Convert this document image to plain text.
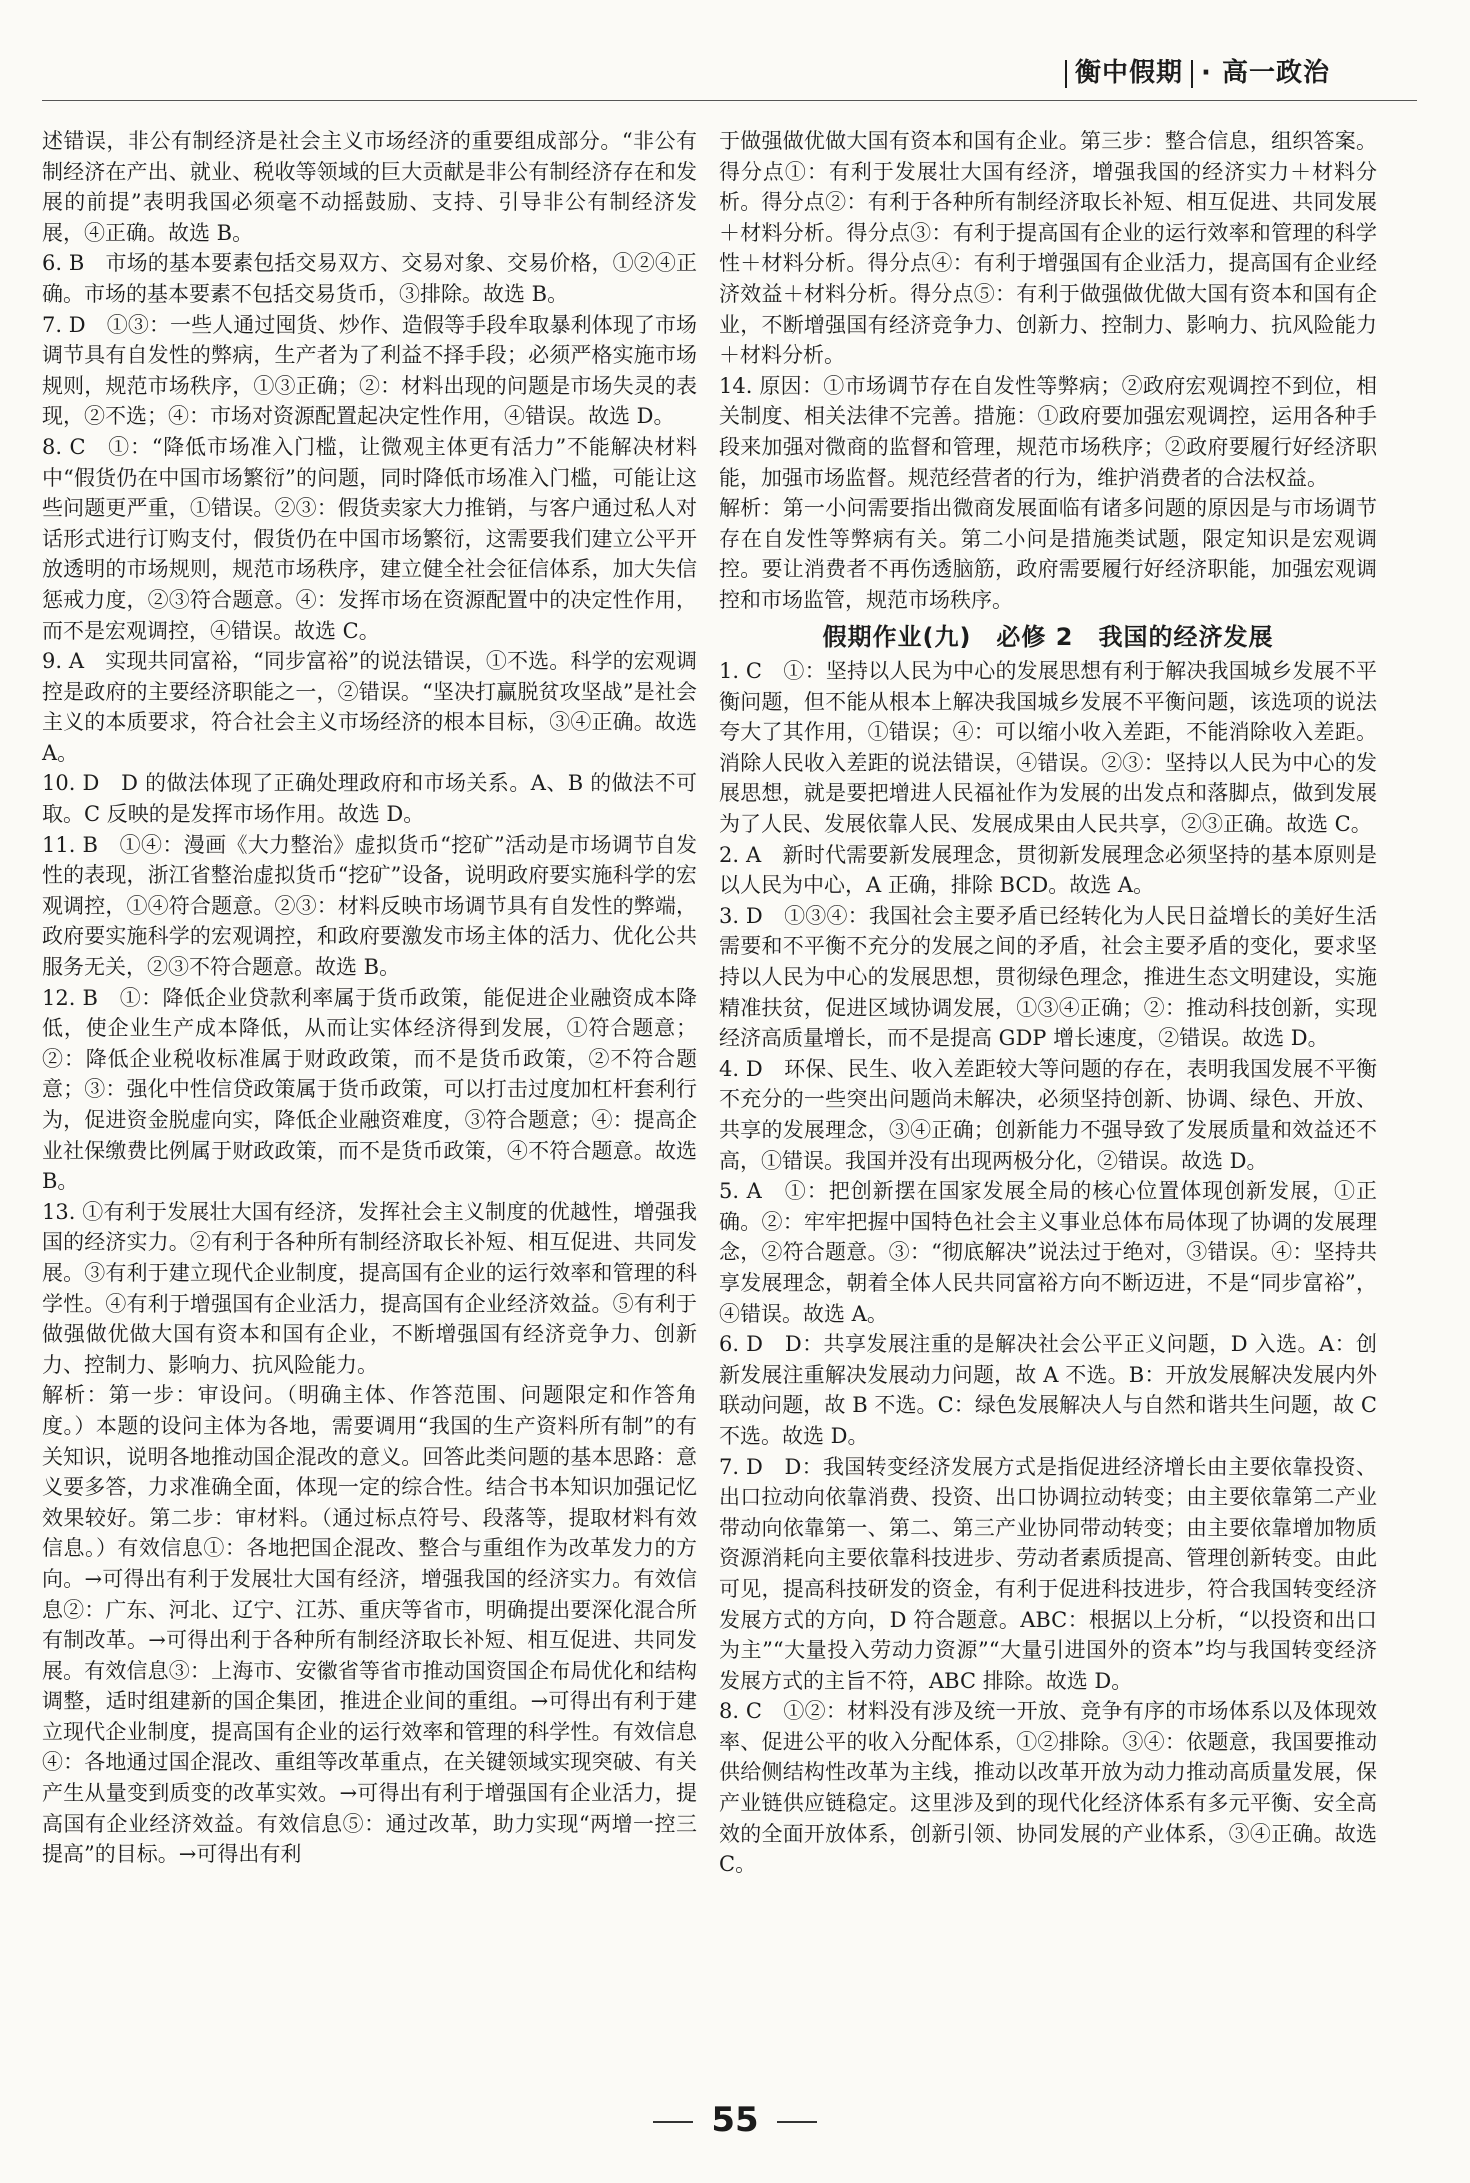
衡中假期 · 高一政治

述错误，非公有制经济是社会主义市场经济的重要组成部分。“非公有制经济在产出、就业、税收等领域的巨大贡献是非公有制经济存在和发展的前提”表明我国必须毫不动摇鼓励、支持、引导非公有制经济发展，④正确。故选 B。

6. B　市场的基本要素包括交易双方、交易对象、交易价格，①②④正确。市场的基本要素不包括交易货币，③排除。故选 B。

7. D　①③：一些人通过囤货、炒作、造假等手段牟取暴利体现了市场调节具有自发性的弊病，生产者为了利益不择手段；必须严格实施市场规则，规范市场秩序，①③正确；②：材料出现的问题是市场失灵的表现，②不选；④：市场对资源配置起决定性作用，④错误。故选 D。

8. C　①：“降低市场准入门槛，让微观主体更有活力”不能解决材料中“假货仍在中国市场繁衍”的问题，同时降低市场准入门槛，可能让这些问题更严重，①错误。②③：假货卖家大力推销，与客户通过私人对话形式进行订购支付，假货仍在中国市场繁衍，这需要我们建立公平开放透明的市场规则，规范市场秩序，建立健全社会征信体系，加大失信惩戒力度，②③符合题意。④：发挥市场在资源配置中的决定性作用，而不是宏观调控，④错误。故选 C。

9. A　实现共同富裕，“同步富裕”的说法错误，①不选。科学的宏观调控是政府的主要经济职能之一，②错误。“坚决打赢脱贫攻坚战”是社会主义的本质要求，符合社会主义市场经济的根本目标，③④正确。故选 A。

10. D　D 的做法体现了正确处理政府和市场关系。A、B 的做法不可取。C 反映的是发挥市场作用。故选 D。

11. B　①④：漫画《大力整治》虚拟货币“挖矿”活动是市场调节自发性的表现，浙江省整治虚拟货币“挖矿”设备，说明政府要实施科学的宏观调控，①④符合题意。②③：材料反映市场调节具有自发性的弊端，政府要实施科学的宏观调控，和政府要激发市场主体的活力、优化公共服务无关，②③不符合题意。故选 B。

12. B　①：降低企业贷款利率属于货币政策，能促进企业融资成本降低，使企业生产成本降低，从而让实体经济得到发展，①符合题意；②：降低企业税收标准属于财政政策，而不是货币政策，②不符合题意；③：强化中性信贷政策属于货币政策，可以打击过度加杠杆套利行为，促进资金脱虚向实，降低企业融资难度，③符合题意；④：提高企业社保缴费比例属于财政政策，而不是货币政策，④不符合题意。故选 B。

13. ①有利于发展壮大国有经济，发挥社会主义制度的优越性，增强我国的经济实力。②有利于各种所有制经济取长补短、相互促进、共同发展。③有利于建立现代企业制度，提高国有企业的运行效率和管理的科学性。④有利于增强国有企业活力，提高国有企业经济效益。⑤有利于做强做优做大国有资本和国有企业，不断增强国有经济竞争力、创新力、控制力、影响力、抗风险能力。

解析：第一步：审设问。（明确主体、作答范围、问题限定和作答角度。）本题的设问主体为各地，需要调用“我国的生产资料所有制”的有关知识，说明各地推动国企混改的意义。回答此类问题的基本思路：意义要多答，力求准确全面，体现一定的综合性。结合书本知识加强记忆效果较好。第二步：审材料。（通过标点符号、段落等，提取材料有效信息。）有效信息①：各地把国企混改、整合与重组作为改革发力的方向。→可得出有利于发展壮大国有经济，增强我国的经济实力。有效信息②：广东、河北、辽宁、江苏、重庆等省市，明确提出要深化混合所有制改革。→可得出利于各种所有制经济取长补短、相互促进、共同发展。有效信息③：上海市、安徽省等省市推动国资国企布局优化和结构调整，适时组建新的国企集团，推进企业间的重组。→可得出有利于建立现代企业制度，提高国有企业的运行效率和管理的科学性。有效信息④：各地通过国企混改、重组等改革重点，在关键领域实现突破、有关产生从量变到质变的改革实效。→可得出有利于增强国有企业活力，提高国有企业经济效益。有效信息⑤：通过改革，助力实现“两增一控三提高”的目标。→可得出有利

于做强做优做大国有资本和国有企业。第三步：整合信息，组织答案。得分点①：有利于发展壮大国有经济，增强我国的经济实力＋材料分析。得分点②：有利于各种所有制经济取长补短、相互促进、共同发展＋材料分析。得分点③：有利于提高国有企业的运行效率和管理的科学性＋材料分析。得分点④：有利于增强国有企业活力，提高国有企业经济效益＋材料分析。得分点⑤：有利于做强做优做大国有资本和国有企业，不断增强国有经济竞争力、创新力、控制力、影响力、抗风险能力＋材料分析。

14. 原因：①市场调节存在自发性等弊病；②政府宏观调控不到位，相关制度、相关法律不完善。措施：①政府要加强宏观调控，运用各种手段来加强对微商的监督和管理，规范市场秩序；②政府要履行好经济职能，加强市场监督。规范经营者的行为，维护消费者的合法权益。

解析：第一小问需要指出微商发展面临有诸多问题的原因是与市场调节存在自发性等弊病有关。第二小问是措施类试题，限定知识是宏观调控。要让消费者不再伤透脑筋，政府需要履行好经济职能，加强宏观调控和市场监管，规范市场秩序。

假期作业(九)　必修 2　我国的经济发展

1. C　①：坚持以人民为中心的发展思想有利于解决我国城乡发展不平衡问题，但不能从根本上解决我国城乡发展不平衡问题，该选项的说法夸大了其作用，①错误；④：可以缩小收入差距，不能消除收入差距。消除人民收入差距的说法错误，④错误。②③：坚持以人民为中心的发展思想，就是要把增进人民福祉作为发展的出发点和落脚点，做到发展为了人民、发展依靠人民、发展成果由人民共享，②③正确。故选 C。

2. A　新时代需要新发展理念，贯彻新发展理念必须坚持的基本原则是以人民为中心，A 正确，排除 BCD。故选 A。

3. D　①③④：我国社会主要矛盾已经转化为人民日益增长的美好生活需要和不平衡不充分的发展之间的矛盾，社会主要矛盾的变化，要求坚持以人民为中心的发展思想，贯彻绿色理念，推进生态文明建设，实施精准扶贫，促进区域协调发展，①③④正确；②：推动科技创新，实现经济高质量增长，而不是提高 GDP 增长速度，②错误。故选 D。

4. D　环保、民生、收入差距较大等问题的存在，表明我国发展不平衡不充分的一些突出问题尚未解决，必须坚持创新、协调、绿色、开放、共享的发展理念，③④正确；创新能力不强导致了发展质量和效益还不高，①错误。我国并没有出现两极分化，②错误。故选 D。

5. A　①：把创新摆在国家发展全局的核心位置体现创新发展，①正确。②：牢牢把握中国特色社会主义事业总体布局体现了协调的发展理念，②符合题意。③：“彻底解决”说法过于绝对，③错误。④：坚持共享发展理念，朝着全体人民共同富裕方向不断迈进，不是“同步富裕”，④错误。故选 A。

6. D　D：共享发展注重的是解决社会公平正义问题，D 入选。A：创新发展注重解决发展动力问题，故 A 不选。B：开放发展解决发展内外联动问题，故 B 不选。C：绿色发展解决人与自然和谐共生问题，故 C 不选。故选 D。

7. D　D：我国转变经济发展方式是指促进经济增长由主要依靠投资、出口拉动向依靠消费、投资、出口协调拉动转变；由主要依靠第二产业带动向依靠第一、第二、第三产业协同带动转变；由主要依靠增加物质资源消耗向主要依靠科技进步、劳动者素质提高、管理创新转变。由此可见，提高科技研发的资金，有利于促进科技进步，符合我国转变经济发展方式的方向，D 符合题意。ABC：根据以上分析，“以投资和出口为主”“大量投入劳动力资源”“大量引进国外的资本”均与我国转变经济发展方式的主旨不符，ABC 排除。故选 D。

8. C　①②：材料没有涉及统一开放、竞争有序的市场体系以及体现效率、促进公平的收入分配体系，①②排除。③④：依题意，我国要推动供给侧结构性改革为主线，推动以改革开放为动力推动高质量发展，保产业链供应链稳定。这里涉及到的现代化经济体系有多元平衡、安全高效的全面开放体系，创新引领、协同发展的产业体系，③④正确。故选 C。

55
